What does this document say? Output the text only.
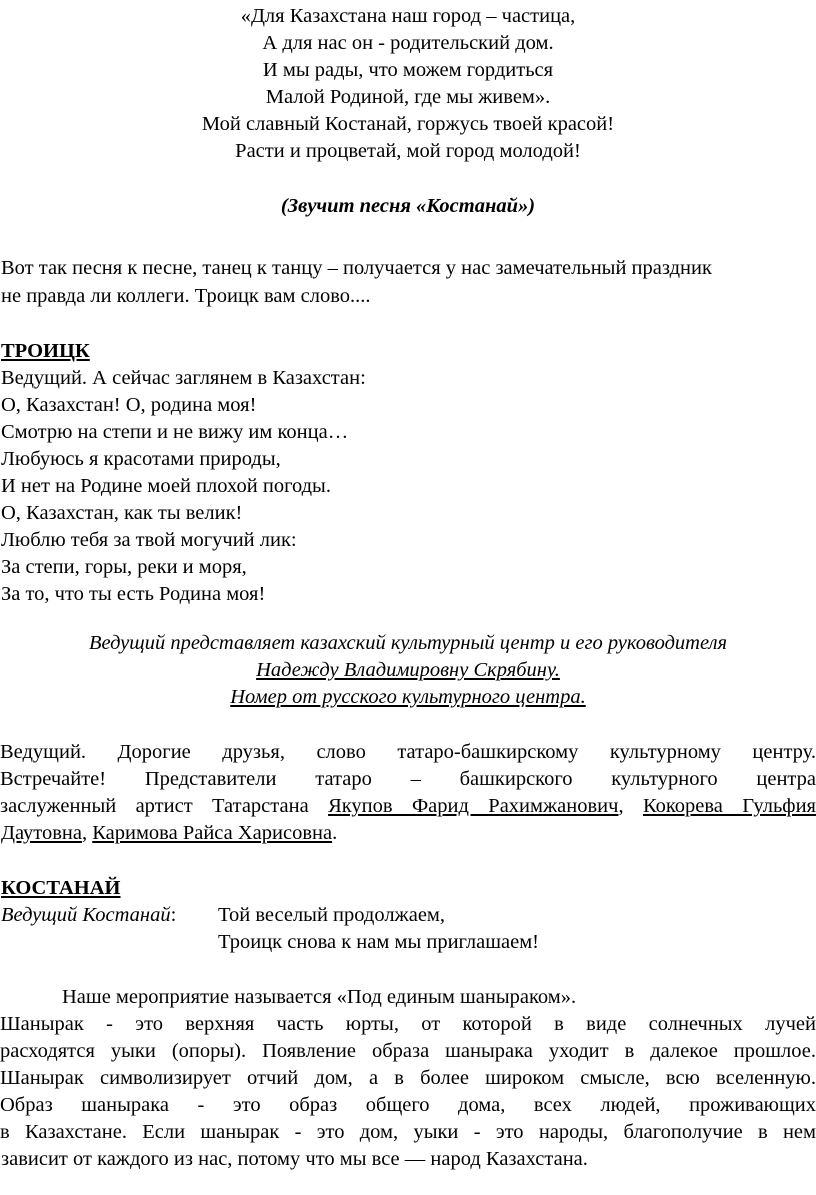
«Для Казахстана наш город – частица,
А для нас он - родительский дом.
И мы рады, что можем гордиться
Малой Родиной, где мы живем».
Мой славный Костанай, горжусь твоей красой!
Расти и процветай, мой город молодой!
(Звучит песня «Костанай»)
Вот так песня к песне, танец к танцу – получается у нас замечательный праздник
не правда ли коллеги. Троицк вам слово....
ТРОИЦК
Ведущий. А сейчас заглянем в Казахстан:
О, Казахстан! О, родина моя!
Смотрю на степи и не вижу им конца…
Любуюсь я красотами природы,
И нет на Родине моей плохой погоды.
О, Казахстан, как ты велик!
Люблю тебя за твой могучий лик:
За степи, горы, реки и моря,
За то, что ты есть Родина моя!
Ведущий представляет казахский культурный центр и его руководителя
Надежду Владимировну Скрябину.
Номер от русского культурного центра.
Ведущий. Дорогие друзья, слово татаро-башкирскому культурному центру.
Встречайте! Представители татаро – башкирского культурного центра
заслуженный артист Татарстана Якупов Фарид Рахимжанович, Кокорева Гульфия
Даутовна, Каримова Райса Харисовна.
КОСТАНАЙ
Ведущий Костанай: Той веселый продолжаем,
Троицк снова к нам мы приглашаем!
Наше мероприятие называется «Под единым шаныраком».
Шанырак - это верхняя часть юрты, от которой в виде солнечных лучей
расходятся уыки (опоры). Появление образа шанырака уходит в далекое прошлое.
Шанырак символизирует отчий дом, а в более широком смысле, всю вселенную.
Образ шанырака - это образ общего дома, всех людей, проживающих
в Казахстане. Если шанырак - это дом, уыки - это народы, благополучие в нем
зависит от каждого из нас, потому что мы все — народ Казахстана.
